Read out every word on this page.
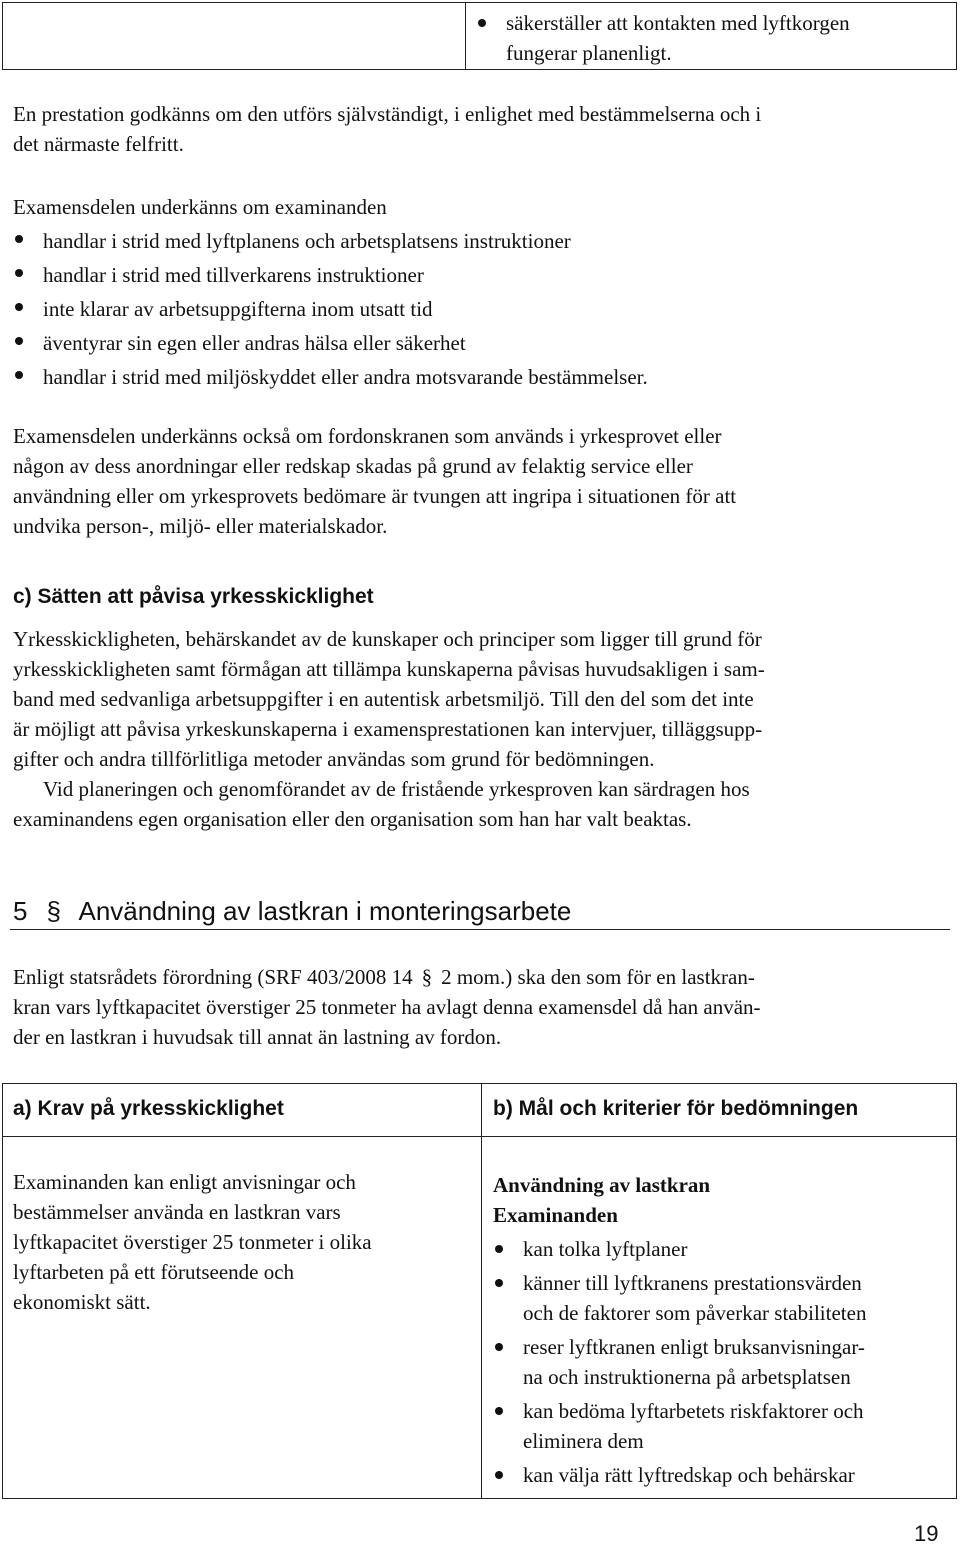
säkerställer att kontakten med lyftkorgen
fungerar planenligt.
En prestation godkänns om den utförs självständigt, i enlighet med bestämmelserna och i
det närmaste felfritt.
Examensdelen underkänns om examinanden
handlar i strid med lyftplanens och arbetsplatsens instruktioner
handlar i strid med tillverkarens instruktioner
inte klarar av arbetsuppgifterna inom utsatt tid
äventyrar sin egen eller andras hälsa eller säkerhet
handlar i strid med miljöskyddet eller andra motsvarande bestämmelser.
Examensdelen underkänns också om fordonskranen som används i yrkesprovet eller
någon av dess anordningar eller redskap skadas på grund av felaktig service eller
användning eller om yrkesprovets bedömare är tvungen att ingripa i situationen för att
undvika person-, miljö- eller materialskador.
c) Sätten att påvisa yrkesskicklighet
Yrkesskickligheten, behärskandet av de kunskaper och principer som ligger till grund för
yrkesskickligheten samt förmågan att tillämpa kunskaperna påvisas huvudsakligen i sam-
band med sedvanliga arbetsuppgifter i en autentisk arbetsmiljö. Till den del som det inte
är möjligt att påvisa yrkeskunskaperna i examensprestationen kan intervjuer, tilläggsupp-
gifter och andra tillförlitliga metoder användas som grund för bedömningen.
Vid planeringen och genomförandet av de fristående yrkesproven kan särdragen hos
examinandens egen organisation eller den organisation som han har valt beaktas.
5 § Användning av lastkran i monteringsarbete
Enligt statsrådets förordning (SRF 403/2008 14 § 2 mom.) ska den som för en lastkran-
kran vars lyftkapacitet överstiger 25 tonmeter ha avlagt denna examensdel då han använ-
der en lastkran i huvudsak till annat än lastning av fordon.
a) Krav på yrkesskicklighet	b) Mål och kriterier för bedömningen
Examinanden kan enligt anvisningar och
bestämmelser använda en lastkran vars
lyftkapacitet överstiger 25 tonmeter i olika
lyftarbeten på ett förutseende och
ekonomiskt sätt.
Användning av lastkran
Examinanden
kan tolka lyftplaner
känner till lyftkranens prestationsvärden
och de faktorer som påverkar stabiliteten
reser lyftkranen enligt bruksanvisningar-
na och instruktionerna på arbetsplatsen
kan bedöma lyftarbetets riskfaktorer och
eliminera dem
kan välja rätt lyftredskap och behärskar
19
